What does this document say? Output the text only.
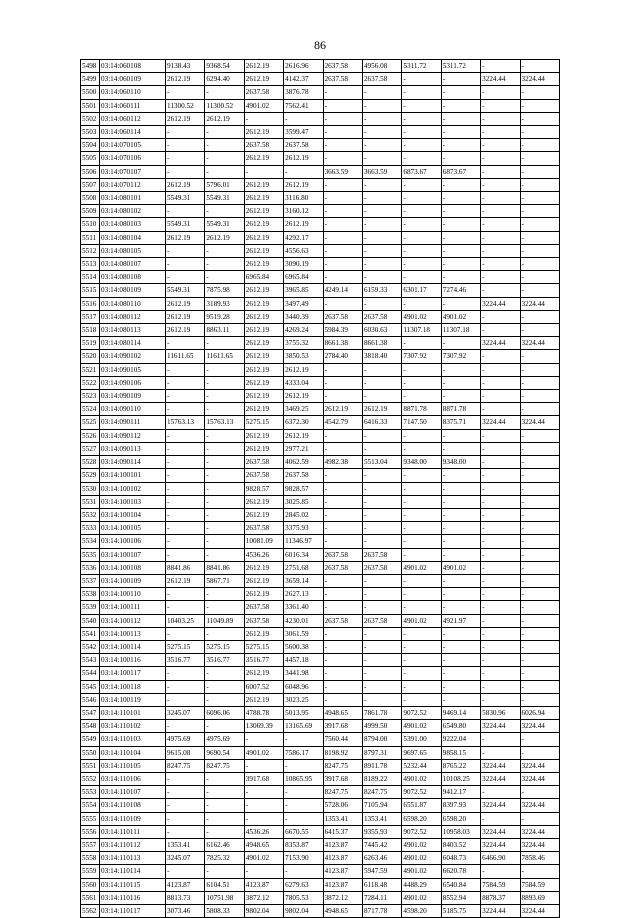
86
5498	03:14:060108	9138.43	9368.54	2612.19	2616.96	2637.58	4956.08	5311.72	5311.72	-	-
5499	03:14:060109	2612.19	6294.40	2612.19	4142.37	2637.58	2637.58	-	-	3224.44	3224.44
5500	03:14:060110	-	-	2637.58	3876.78	-	-	-	-	-	-
5501	03:14:060111	11300.52	11300.52	4901.02	7562.41	-	-	-	-	-	-
5502	03:14:060112	2612.19	2612.19	-	-	-	-	-	-	-	-
5503	03:14:060114	-	-	2612.19	3599.47	-	-	-	-	-	-
5504	03:14:070105	-	-	2637.58	2637.58	-	-	-	-	-	-
5505	03:14:070106	-	-	2612.19	2612.19	-	-	-	-	-	-
5506	03:14:070107	-	-	-	-	3663.59	3663.59	6873.67	6873.67	-	-
5507	03:14:070112	2612.19	5796.01	2612.19	2612.19	-	-	-	-	-	-
5508	03:14:080101	5549.31	5549.31	2612.19	3116.80	-	-	-	-	-	-
5509	03:14:080102	-	-	2612.19	3160.12	-	-	-	-	-	-
5510	03:14:080103	5549.31	5549.31	2612.19	2612.19	-	-	-	-	-	-
5511	03:14:080104	2612.19	2612.19	2612.19	4292.17	-	-	-	-	-	-
5512	03:14:080105	-	-	2612.19	4556.63	-	-	-	-	-	-
5513	03:14:080107	-	-	2612.19	3090.19	-	-	-	-	-	-
5514	03:14:080108	-	-	6965.84	6965.84	-	-	-	-	-	-
5515	03:14:080109	5549.31	7875.98	2612.19	3965.85	4249.14	6159.33	6301.17	7274.46	-	-
5516	03:14:080110	2612.19	3189.93	2612.19	3497.49	-	-	-	-	3224.44	3224.44
5517	03:14:080112	2612.19	9519.28	2612.19	3440.39	2637.58	2637.58	4901.02	4901.02	-	-
5518	03:14:080113	2612.19	8863.11	2612.19	4269.24	5984.39	6030.63	11307.18	11307.18	-	-
5519	03:14:080114	-	-	2612.19	3755.32	8661.38	8661.38	-	-	3224.44	3224.44
5520	03:14:090102	11611.65	11611.65	2612.19	3850.53	2784.40	3818.40	7307.92	7307.92	-	-
5521	03:14:090105	-	-	2612.19	2612.19	-	-	-	-	-	-
5522	03:14:090106	-	-	2612.19	4333.04	-	-	-	-	-	-
5523	03:14:090109	-	-	2612.19	2612.19	-	-	-	-	-	-
5524	03:14:090110	-	-	2612.19	3469.25	2612.19	2612.19	8871.78	8871.78	-	-
5525	03:14:090111	15763.13	15763.13	5275.15	6372.30	4542.79	6416.33	7147.50	8375.71	3224.44	3224.44
5526	03:14:090112	-	-	2612.19	2612.19	-	-	-	-	-	-
5527	03:14:090113	-	-	2612.19	2977.21	-	-	-	-	-	-
5528	03:14:090114	-	-	2637.58	4062.59	4982.38	5513.04	9348.00	9348.00	-	-
5529	03:14:100101	-	-	2637.58	2637.58	-	-	-	-	-	-
5530	03:14:100102	-	-	9828.57	9828.57	-	-	-	-	-	-
5531	03:14:100103	-	-	2612.19	3025.85	-	-	-	-	-	-
5532	03:14:100104	-	-	2612.19	2845.02	-	-	-	-	-	-
5533	03:14:100105	-	-	2637.58	3375.93	-	-	-	-	-	-
5534	03:14:100106	-	-	10081.09	11346.97	-	-	-	-	-	-
5535	03:14:100107	-	-	4536.26	6016.34	2637.58	2637.58	-	-	-	-
5536	03:14:100108	8841.86	8841.86	2612.19	2751.68	2637.58	2637.58	4901.02	4901.02	-	-
5537	03:14:100109	2612.19	5867.71	2612.19	3659.14	-	-	-	-	-	-
5538	03:14:100110	-	-	2612.19	2627.13	-	-	-	-	-	-
5539	03:14:100111	-	-	2637.58	3361.40	-	-	-	-	-	-
5540	03:14:100112	10403.25	11049.89	2637.58	4230.01	2637.58	2637.58	4901.02	4921.97	-	-
5541	03:14:100113	-	-	2612.19	3061.59	-	-	-	-	-	-
5542	03:14:100114	5275.15	5275.15	5275.15	5600.38	-	-	-	-	-	-
5543	03:14:100116	3516.77	3516.77	3516.77	4457.18	-	-	-	-	-	-
5544	03:14:100117	-	-	2612.19	3441.98	-	-	-	-	-	-
5545	03:14:100118	-	-	6007.52	6048.96	-	-	-	-	-	-
5546	03:14:100119	-	-	2612.19	3023.25	-	-	-	-	-	-
5547	03:14:110101	3245.07	6096.06	4788.78	5013.95	4948.65	7861.78	9072.52	9469.14	5830.96	6026.94
5548	03:14:110102	-	-	13069.39	13165.69	3917.68	4999.50	4901.02	6549.80	3224.44	3224.44
5549	03:14:110103	4975.69	4975.69	-	-	7560.44	8794.00	5391.00	9222.04	-	-
5550	03:14:110104	9615.08	9690.54	4901.02	7586.17	8198.92	8797.31	9697.65	9858.15	-	-
5551	03:14:110105	8247.75	8247.75	-	-	8247.75	8911.78	5232.44	8765.22	3224.44	3224.44
5552	03:14:110106	-	-	3917.68	10865.95	3917.68	8189.22	4901.02	10108.25	3224.44	3224.44
5553	03:14:110107	-	-	-	-	8247.75	8247.75	9072.52	9412.17	-	-
5554	03:14:110108	-	-	-	-	5728.06	7105.94	6551.87	8397.93	3224.44	3224.44
5555	03:14:110109	-	-	-	-	1353.41	1353.41	6598.20	6598.20	-	-
5556	03:14:110111	-	-	4536.26	6670.55	6415.37	9355.93	9072.52	10958.03	3224.44	3224.44
5557	03:14:110112	1353.41	6162.46	4948.65	8353.87	4123.87	7445.42	4901.02	8403.52	3224.44	3224.44
5558	03:14:110113	3245.07	7825.32	4901.02	7153.90	4123.87	6263.46	4901.02	6048.73	6466.90	7858.46
5559	03:14:110114	-	-	-	-	4123.87	5947.59	4901.02	6620.78	-	-
5560	03:14:110115	4123.87	6104.51	4123.87	6279.63	4123.87	6118.48	4488.29	6540.84	7584.59	7584.59
5561	03:14:110116	8813.73	10751.98	3872.12	7805.53	3872.12	7284.11	4901.02	8552.94	8878.37	8893.69
5562	03:14:110117	3073.46	5808.33	9802.04	9802.04	4948.65	8717.78	4598.20	5185.75	3224.44	3224.44
